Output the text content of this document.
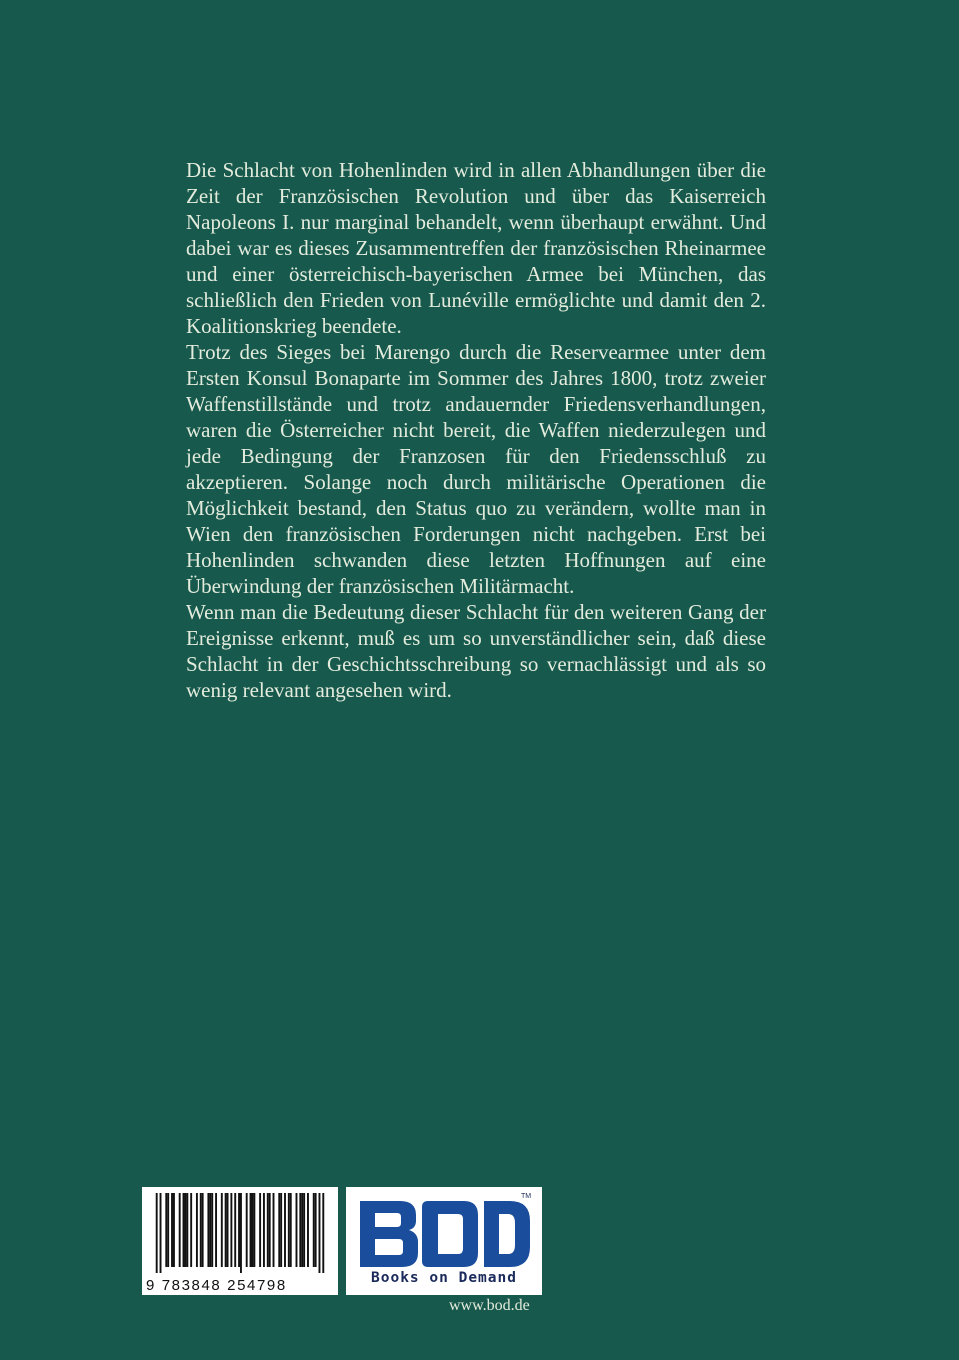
Die Schlacht von Hohenlinden wird in allen Abhandlungen über die Zeit der Französischen Revolution und über das Kaiserreich Napoleons I. nur marginal behandelt, wenn überhaupt erwähnt. Und dabei war es dieses Zusammentreffen der französischen Rheinarmee und einer österreichisch-bayerischen Armee bei München, das schließlich den Frieden von Lunéville ermöglichte und damit den 2. Koalitionskrieg beendete.

Trotz des Sieges bei Marengo durch die Reservearmee unter dem Ersten Konsul Bonaparte im Sommer des Jahres 1800, trotz zweier Waffenstillstände und trotz andauernder Friedensverhandlungen, waren die Österreicher nicht bereit, die Waffen niederzulegen und jede Bedingung der Franzosen für den Friedensschluß zu akzeptieren. Solange noch durch militärische Operationen die Möglichkeit bestand, den Status quo zu verändern, wollte man in Wien den französischen Forderungen nicht nachgeben. Erst bei Hohenlinden schwanden diese letzten Hoffnungen auf eine Überwindung der französischen Militärmacht.

Wenn man die Bedeutung dieser Schlacht für den weiteren Gang der Ereignisse erkennt, muß es um so unverständlicher sein, daß diese Schlacht in der Geschichtsschreibung so vernachlässigt und als so wenig relevant angesehen wird.

9 783848 254798
TM
Books on Demand
www.bod.de
